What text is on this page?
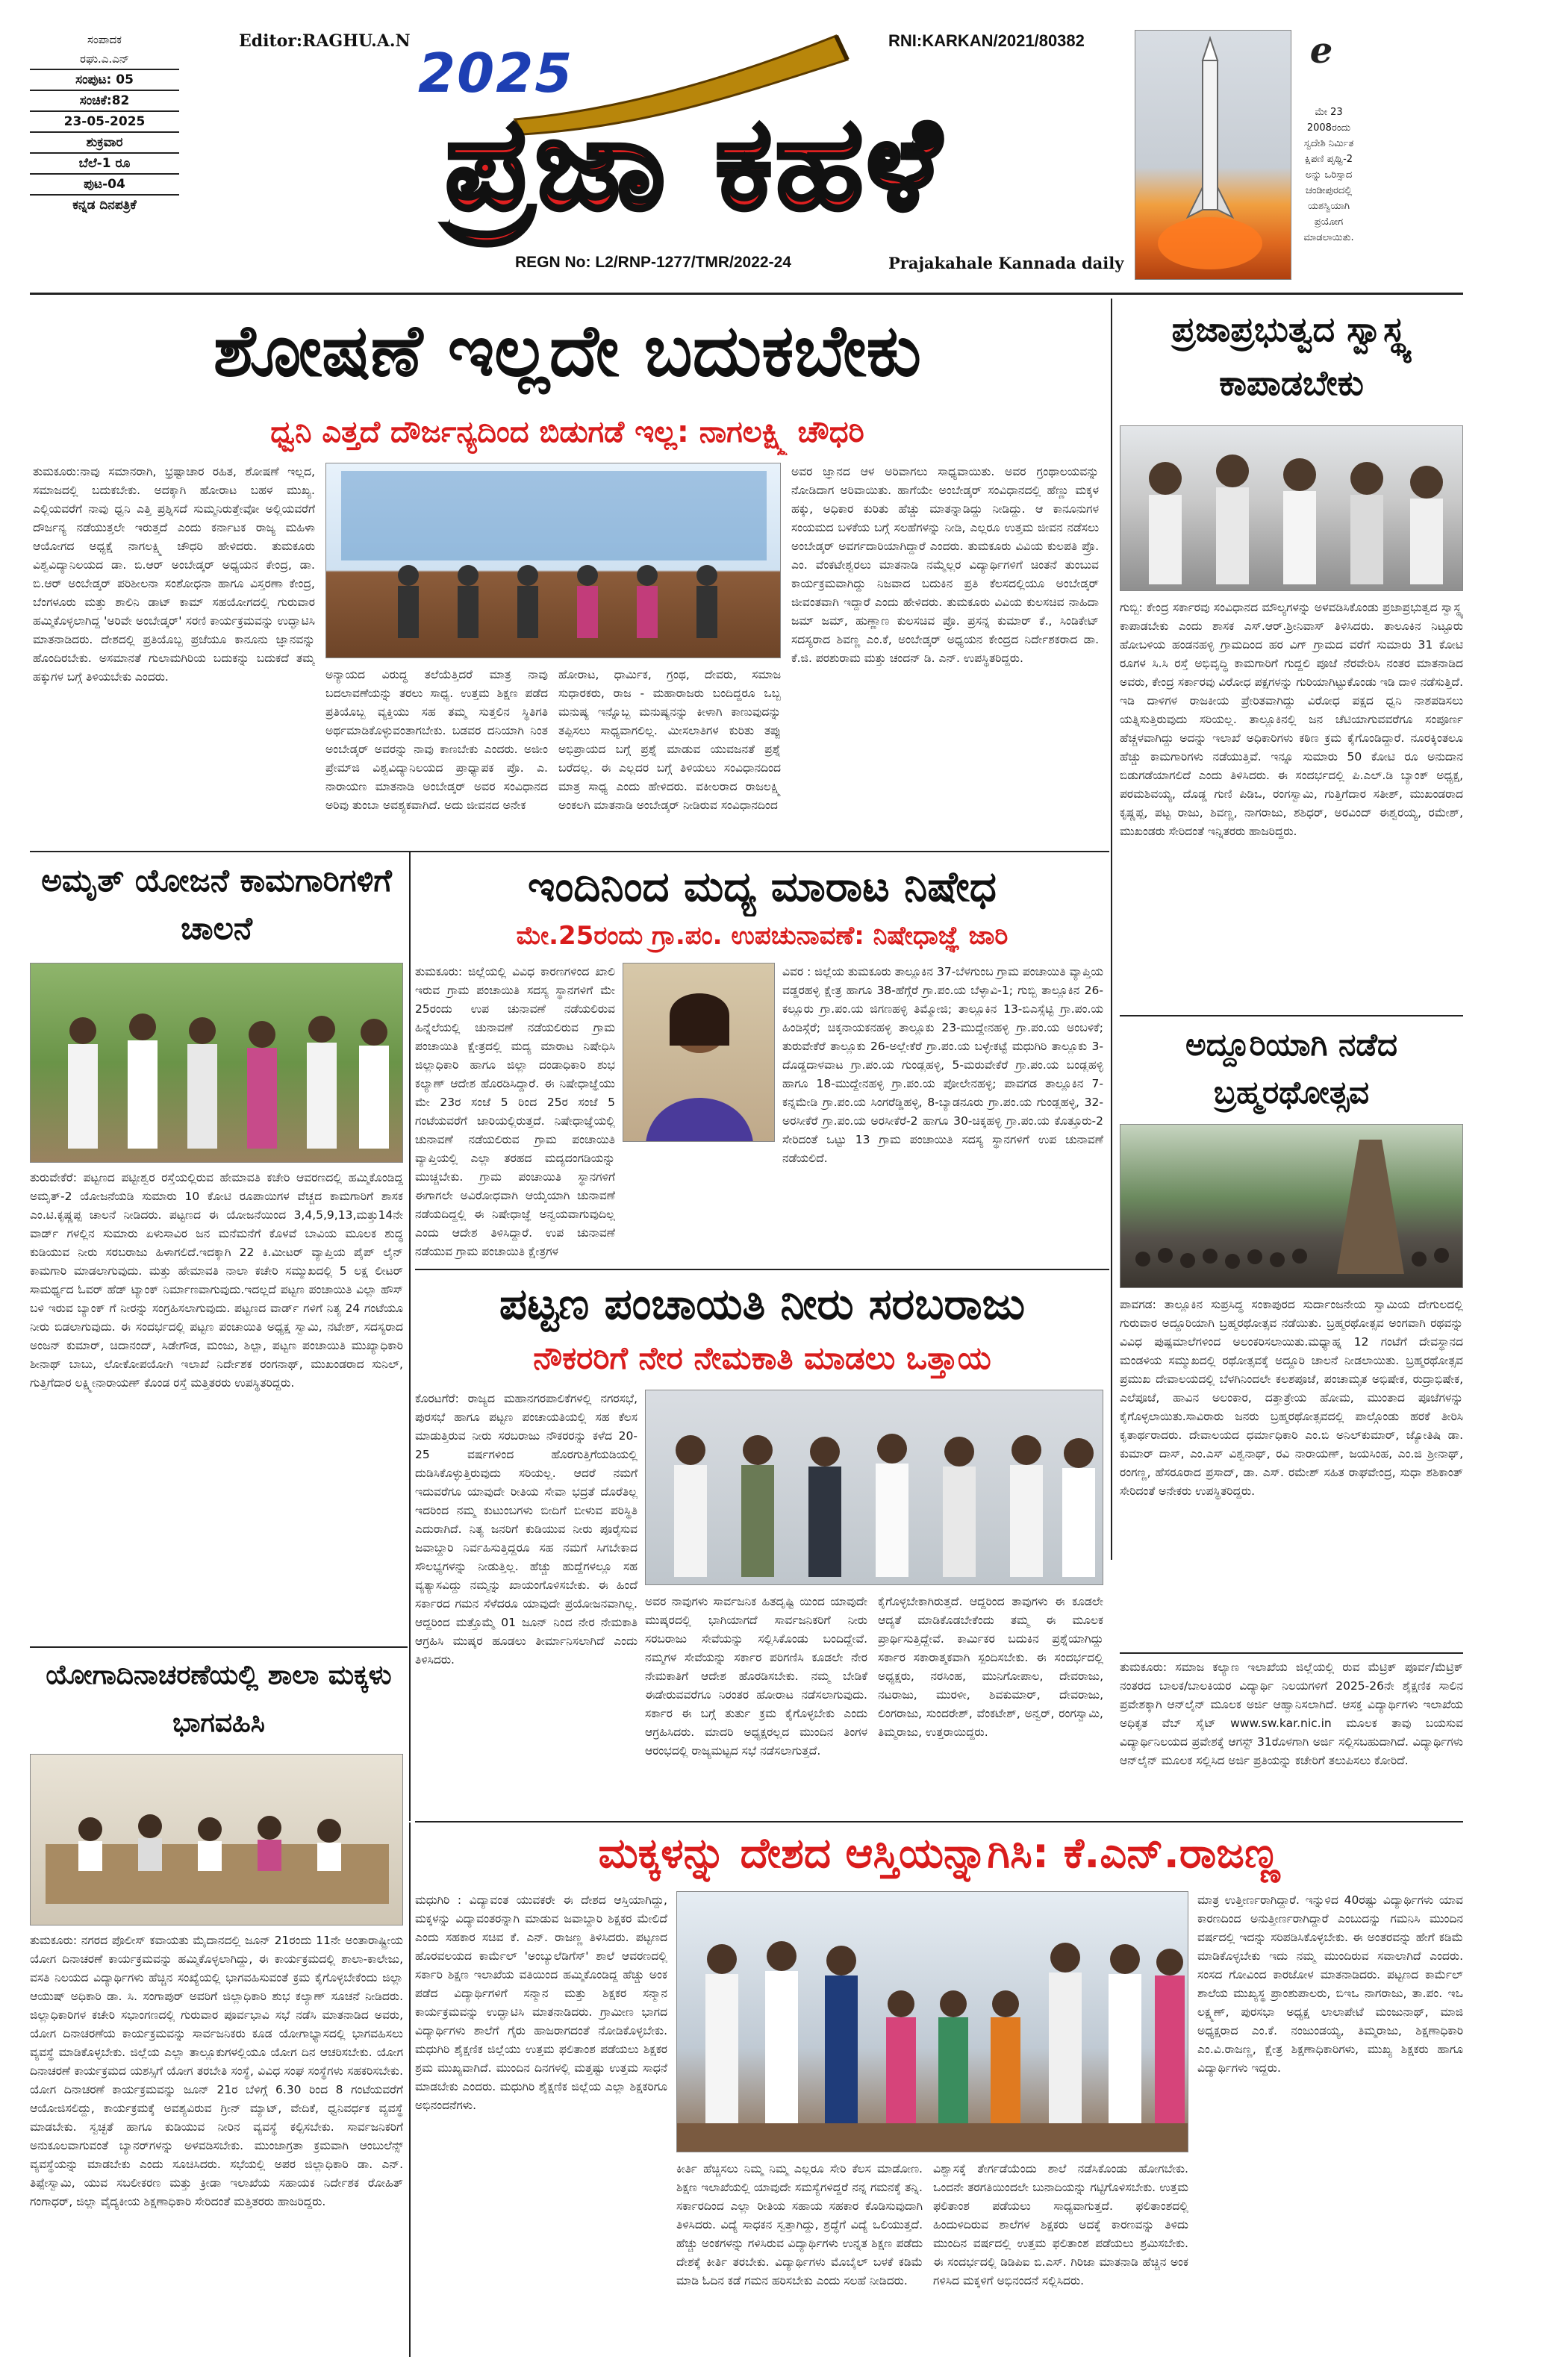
ಸಂಪಾದಕ
ರಘು.ಎ.ಎನ್
ಸಂಪುಟ: 05
ಸಂಚಿಕೆ:82
23-05-2025
ಶುಕ್ರವಾರ
ಬೆಲೆ-1 ರೂ
ಪುಟ-04
ಕನ್ನಡ ದಿನಪತ್ರಿಕೆ
Editor:RAGHU.A.N	RNI:KARKAN/2021/80382
2025
ಪ್ರಜಾ ಕಹಳೆ
REGN No: L2/RNP-1277/TMR/2022-24	Prajakahale Kannada daily
e
ಮೇ 23 2008ರಂದು ಸ್ವದೇಶಿ ನಿರ್ಮಿತ ಕ್ಷಿಪಣಿ ಪೃಥ್ವಿ-2 ಅನ್ನು ಒರಿಸ್ಸಾದ ಚಂಡೀಪುರದಲ್ಲಿ ಯಶಸ್ವಿಯಾಗಿ ಪ್ರಯೋಗ ಮಾಡಲಾಯಿತು.
ಶೋಷಣೆ ಇಲ್ಲದೇ ಬದುಕಬೇಕು
ಧ್ವನಿ ಎತ್ತದೆ ದೌರ್ಜನ್ಯದಿಂದ ಬಿಡುಗಡೆ ಇಲ್ಲ: ನಾಗಲಕ್ಷ್ಮಿ ಚೌಧರಿ
ತುಮಕೂರು:ನಾವು ಸಮಾನರಾಗಿ, ಭ್ರಷ್ಟಾಚಾರ ರಹಿತ, ಶೋಷಣೆ ಇಲ್ಲದ, ಸಮಾಜದಲ್ಲಿ ಬದುಕಬೇಕು. ಅದಕ್ಕಾಗಿ ಹೋರಾಟ ಬಹಳ ಮುಖ್ಯ. ಎಲ್ಲಿಯವರೆಗೆ ನಾವು ಧ್ವನಿ ಎತ್ತಿ ಪ್ರಶ್ನಿಸದೆ ಸುಮ್ಮನಿರುತ್ತೇವೋ ಅಲ್ಲಿಯವರೆಗೆ ದೌರ್ಜನ್ಯ ನಡೆಯುತ್ತಲೇ ಇರುತ್ತದೆ ಎಂದು ಕರ್ನಾಟಕ ರಾಜ್ಯ ಮಹಿಳಾ ಆಯೋಗದ ಅಧ್ಯಕ್ಷೆ ನಾಗಲಕ್ಷ್ಮಿ ಚೌಧರಿ ಹೇಳಿದರು. ತುಮಕೂರು ವಿಶ್ವವಿದ್ಯಾನಿಲಯದ ಡಾ. ಬಿ.ಆರ್ ಅಂಬೇಡ್ಕರ್ ಅಧ್ಯಯನ ಕೇಂದ್ರ, ಡಾ. ಬಿ.ಆರ್ ಅಂಬೇಡ್ಕರ್ ಪರಿಶೀಲನಾ ಸಂಶೋಧನಾ ಹಾಗೂ ವಿಸ್ತರಣಾ ಕೇಂದ್ರ, ಬೆಂಗಳೂರು ಮತ್ತು ಶಾಲಿನಿ ಡಾಟ್ ಕಾಮ್ ಸಹಯೋಗದಲ್ಲಿ ಗುರುವಾರ ಹಮ್ಮಿಕೊಳ್ಳಲಾಗಿದ್ದ 'ಅರಿವೇ ಅಂಬೇಡ್ಕರ್' ಸರಣಿ ಕಾರ್ಯಕ್ರಮವನ್ನು ಉದ್ಘಾಟಿಸಿ ಮಾತನಾಡಿದರು. ದೇಶದಲ್ಲಿ ಪ್ರತಿಯೊಬ್ಬ ಪ್ರಜೆಯೂ ಕಾನೂನು ಜ್ಞಾನವನ್ನು ಹೊಂದಿರಬೇಕು. ಅಸಮಾನತೆ ಗುಲಾಮಗಿರಿಯ ಬದುಕನ್ನು ಬದುಕದೆ ತಮ್ಮ ಹಕ್ಕುಗಳ ಬಗ್ಗೆ ತಿಳಿಯಬೇಕು ಎಂದರು.	ಅನ್ಯಾಯದ ವಿರುದ್ಧ ತಲೆಯೆತ್ತಿದರೆ ಮಾತ್ರ ನಾವು ಬದಲಾವಣೆಯನ್ನು ತರಲು ಸಾಧ್ಯ. ಉತ್ತಮ ಶಿಕ್ಷಣ ಪಡೆದ ಪ್ರತಿಯೊಬ್ಬ ವ್ಯಕ್ತಿಯು ಸಹ ತಮ್ಮ ಸುತ್ತಲಿನ ಸ್ಥಿತಿಗತಿ ಅರ್ಥಮಾಡಿಕೊಳ್ಳುವಂತಾಗಬೇಕು. ಬಡವರ ದನಿಯಾಗಿ ನಿಂತ ಅಂಬೇಡ್ಕರ್ ಅವರನ್ನು ನಾವು ಕಾಣಬೇಕು ಎಂದರು. ಅಜೀಂ ಪ್ರೇಮ್‌ಜಿ ವಿಶ್ವವಿದ್ಯಾನಿಲಯದ ಪ್ರಾಧ್ಯಾಪಕ ಪ್ರೊ. ಎ. ನಾರಾಯಣ ಮಾತನಾಡಿ ಅಂಬೇಡ್ಕರ್ ಅವರ ಸಂವಿಧಾನದ ಅರಿವು ತುಂಬಾ ಅವಶ್ಯಕವಾಗಿದೆ. ಅದು ಜೀವನದ ಅನೇಕ
ಹೋರಾಟ, ಧಾರ್ಮಿಕ, ಗ್ರಂಥ, ದೇವರು, ಸಮಾಜ ಸುಧಾರಕರು, ರಾಜ - ಮಹಾರಾಜರು ಬಂದಿದ್ದರೂ ಒಬ್ಬ ಮನುಷ್ಯ ಇನ್ನೊಬ್ಬ ಮನುಷ್ಯನನ್ನು ಕೀಳಾಗಿ ಕಾಣುವುದನ್ನು ತಪ್ಪಿಸಲು ಸಾಧ್ಯವಾಗಲಿಲ್ಲ. ಮೀಸಲಾತಿಗಳ ಕುರಿತು ತಪ್ಪು ಅಭಿಪ್ರಾಯದ ಬಗ್ಗೆ ಪ್ರಶ್ನೆ ಮಾಡುವ ಯುವಜನತೆ ಪ್ರಶ್ನೆ ಬರೆದಲ್ಲ. ಈ ಎಲ್ಲದರ ಬಗ್ಗೆ ತಿಳಿಯಲು ಸಂವಿಧಾನದಿಂದ ಮಾತ್ರ ಸಾಧ್ಯ ಎಂದು ಹೇಳಿದರು. ವಕೀಲರಾದ ರಾಜಲಕ್ಷ್ಮಿ ಅಂಕಲಗಿ ಮಾತನಾಡಿ ಅಂಬೇಡ್ಕರ್ ನೀಡಿರುವ ಸಂವಿಧಾನದಿಂದ
ಅವರ ಜ್ಞಾನದ ಆಳ ಅರಿವಾಗಲು ಸಾಧ್ಯವಾಯಿತು. ಅವರ ಗ್ರಂಥಾಲಯವನ್ನು ನೋಡಿದಾಗ ಅರಿವಾಯಿತು. ಹಾಗೆಯೇ ಅಂಬೇಡ್ಕರ್ ಸಂವಿಧಾನದಲ್ಲಿ ಹೆಣ್ಣು ಮಕ್ಕಳ ಹಕ್ಕು, ಅಧಿಕಾರ ಕುರಿತು ಹೆಚ್ಚು ಮಾತನ್ನಾಡಿದ್ದು ನೀಡಿದ್ದು. ಆ ಕಾನೂನುಗಳ ಸಂಯಮದ ಬಳಕೆಯ ಬಗ್ಗೆ ಸಲಹೆಗಳನ್ನು ನೀಡಿ, ಎಲ್ಲರೂ ಉತ್ತಮ ಜೀವನ ನಡೆಸಲು ಅಂಬೇಡ್ಕರ್ ಅವರ್ಗದಾರಿಯಾಗಿದ್ದಾರೆ ಎಂದರು. ತುಮಕೂರು ವಿವಿಯ ಕುಲಪತಿ ಪ್ರೊ. ಎಂ. ವೆಂಕಟೇಶ್ವರಲು ಮಾತನಾಡಿ ನಮ್ಮೆಲ್ಲರ ವಿದ್ಯಾರ್ಥಿಗಳಿಗೆ ಚಿಂತನೆ ತುಂಬುವ ಕಾರ್ಯಕ್ರಮವಾಗಿದ್ದು ನಿಜವಾದ ಬದುಕಿನ ಪ್ರತಿ ಕೆಲಸದಲ್ಲಿಯೂ ಅಂಬೇಡ್ಕರ್ ಜೀವಂತವಾಗಿ ಇದ್ದಾರೆ ಎಂದು ಹೇಳಿದರು. ತುಮಕೂರು ವಿವಿಯ ಕುಲಸಚಿವ ನಾಹಿದಾ ಜಮ್ ಜಮ್, ಹುಣ್ಣಾಣ ಕುಲಸಚಿವ ಪ್ರೊ. ಪ್ರಸನ್ನ ಕುಮಾರ್ ಕೆ., ಸಿಂಡಿಕೇಟ್ ಸದಸ್ಯರಾದ ಶಿವಣ್ಣ ಎಂ.ಕೆ, ಅಂಬೇಡ್ಕರ್ ಅಧ್ಯಯನ ಕೇಂದ್ರದ ನಿರ್ದೇಶಕರಾದ ಡಾ. ಕೆ.ಜಿ. ಪರಶುರಾಮ ಮತ್ತು ಚಂದನ್ ಡಿ. ಎನ್. ಉಪಸ್ಥಿತರಿದ್ದರು.
ಪ್ರಜಾಪ್ರಭುತ್ವದ ಸ್ವಾಸ್ಥ್ಯ ಕಾಪಾಡಬೇಕು
ಗುಬ್ಬಿ: ಕೇಂದ್ರ ಸರ್ಕಾರವು ಸಂವಿಧಾನದ ಮೌಲ್ಯಗಳನ್ನು ಅಳವಡಿಸಿಕೊಂಡು ಪ್ರಜಾಪ್ರಭುತ್ವದ ಸ್ವಾಸ್ಥ್ಯ ಕಾಪಾಡಬೇಕು ಎಂದು ಶಾಸಕ ಎಸ್.ಆರ್.ಶ್ರೀನಿವಾಸ್ ತಿಳಿಸಿದರು. ತಾಲೂಕಿನ ನಿಟ್ಟೂರು ಹೋಬಳಿಯ ಹಂಡನಹಳ್ಳಿ ಗ್ರಾಮದಿಂದ ಹರ ವಿಗ್ ಗ್ರಾಮದ ವರೆಗೆ ಸುಮಾರು 31 ಕೋಟಿ ರೂಗಳ ಸಿ.ಸಿ ರಸ್ತೆ ಅಭಿವೃದ್ಧಿ ಕಾಮಗಾರಿಗೆ ಗುದ್ದಲಿ ಪೂಜೆ ನೆರವೇರಿಸಿ ನಂತರ ಮಾತನಾಡಿದ ಅವರು, ಕೇಂದ್ರ ಸರ್ಕಾರವು ವಿರೋಧ ಪಕ್ಷಗಳನ್ನು ಗುರಿಯಾಗಿಟ್ಟುಕೊಂಡು ಇಡಿ ದಾಳಿ ನಡೆಸುತ್ತಿದೆ. ಇಡಿ ದಾಳಿಗಳ ರಾಜಕೀಯ ಪ್ರೇರಿತವಾಗಿದ್ದು ವಿರೋಧ ಪಕ್ಷದ ಧ್ವನಿ ನಾಶಪಡಿಸಲು ಯತ್ನಿಸುತ್ತಿರುವುದು ಸರಿಯಲ್ಲ. ತಾಲ್ಲೂಕಿನಲ್ಲಿ ಜನ ಚೆಟಿಯಾಗುವವರೆಗೂ ಸಂಪೂರ್ಣ ಹೆಚ್ಚಳವಾಗಿದ್ದು ಅದನ್ನು ಇಲಾಖೆ ಅಧಿಕಾರಿಗಳು ಕಠಿಣ ಕ್ರಮ ಕೈಗೊಂಡಿದ್ದಾರೆ. ನೂರಕ್ಕಿಂತಲೂ ಹೆಚ್ಚು ಕಾಮಗಾರಿಗಳು ನಡೆಯುತ್ತಿವೆ. ಇನ್ನೂ ಸುಮಾರು 50 ಕೋಟಿ ರೂ ಅನುದಾನ ಬಿಡುಗಡೆಯಾಗಲಿದೆ ಎಂದು ತಿಳಿಸಿದರು. ಈ ಸಂದರ್ಭದಲ್ಲಿ ಪಿ.ಎಲ್.ಡಿ ಬ್ಯಾಂಕ್ ಅಧ್ಯಕ್ಷ, ಪರಮಶಿವಯ್ಯ, ದೊಡ್ಡ ಗುಣಿ ಪಿಡಿಒ, ರಂಗಸ್ವಾಮಿ, ಗುತ್ತಿಗೆದಾರ ಸತೀಶ್, ಮುಖಂಡರಾದ ಕೃಷ್ಣಪ್ಪ, ಪಟ್ಟ ರಾಜು, ಶಿವಣ್ಣ, ನಾಗರಾಜು, ಶಶಿಧರ್, ಅರವಿಂದ್ ಈಶ್ವರಯ್ಯ, ರಮೇಶ್, ಮುಖಂಡರು ಸೇರಿದಂತೆ ಇನ್ನಿತರರು ಹಾಜರಿದ್ದರು.
ಅಮೃತ್ ಯೋಜನೆ ಕಾಮಗಾರಿಗಳಿಗೆ ಚಾಲನೆ
ತುರುವೇಕೆರೆ: ಪಟ್ಟಣದ ಪಟ್ಟೀಶ್ವರ ರಸ್ತೆಯಲ್ಲಿರುವ ಹೇಮಾವತಿ ಕಚೇರಿ ಆವರಣದಲ್ಲಿ ಹಮ್ಮಿಕೊಂಡಿದ್ದ ಅಮೃತ್-2 ಯೋಜನೆಯಡಿ ಸುಮಾರು 10 ಕೋಟಿ ರೂಪಾಯಿಗಳ ವೆಚ್ಚದ ಕಾಮಗಾರಿಗೆ ಶಾಸಕ ಎಂ.ಟಿ.ಕೃಷ್ಣಪ್ಪ ಚಾಲನೆ ನೀಡಿದರು. ಪಟ್ಟಣದ ಈ ಯೋಜನೆಯಿಂದ 3,4,5,9,13,ಮತ್ತು14ನೇ ವಾರ್ಡ್ ಗಳಲ್ಲಿನ ಸುಮಾರು ಏಳುಸಾವಿರ ಜನ ಮನೆಮನೆಗೆ ಕೊಳವೆ ಬಾವಿಯ ಮೂಲಕ ಶುದ್ಧ ಕುಡಿಯುವ ನೀರು ಸರಬರಾಜು ಹಿಳಾಗಲಿದೆ.ಇದಕ್ಕಾಗಿ 22 ಕಿ.ಮೀಟರ್ ವ್ಯಾಪ್ತಿಯ ಪೈಪ್ ಲೈನ್ ಕಾಮಗಾರಿ ಮಾಡಲಾಗುವುದು. ಮತ್ತು ಹೇಮಾವತಿ ನಾಲಾ ಕಚೇರಿ ಸಮ್ಮುಖದಲ್ಲಿ 5 ಲಕ್ಷ ಲೀಟರ್ ಸಾಮರ್ಥ್ಯದ ಓವರ್ ಹೆಡ್ ಟ್ಯಾಂಕ್ ನಿರ್ಮಾಣವಾಗುವುದು.ಇದಲ್ಲದೆ ಪಟ್ಟಣ ಪಂಚಾಯಿತಿ ವಿಲ್ಲಾ ಹೌಸ್ ಬಳಿ ಇರುವ ಬ್ಯಾಂಕ್ ಗೆ ನೀರನ್ನು ಸಂಗ್ರಹಿಸಲಾಗುವುದು. ಪಟ್ಟಣದ ವಾರ್ಡ್ ಗಳಿಗೆ ನಿತ್ಯ 24 ಗಂಟೆಯೂ ನೀರು ಬಿಡಲಾಗುವುದು. ಈ ಸಂದರ್ಭದಲ್ಲಿ ಪಟ್ಟಣ ಪಂಚಾಯಿತಿ ಅಧ್ಯಕ್ಷ ಸ್ವಾಮಿ, ನಟೇಶ್, ಸದಸ್ಯರಾದ ಅಂಜನ್ ಕುಮಾರ್, ಚಿದಾನಂದ್, ಸಿಡೇಗೌಡ, ಮಂಜು, ಶಿಲ್ಪಾ, ಪಟ್ಟಣ ಪಂಚಾಯಿತಿ ಮುಖ್ಯಾಧಿಕಾರಿ ಶೀನಾಥ್ ಬಾಬು, ಲೋಕೋಪಯೋಗಿ ಇಲಾಖೆ ನಿರ್ದೇಶಕ ರಂಗನಾಥ್, ಮುಖಂಡರಾದ ಸುನಿಲ್, ಗುತ್ತಿಗೆದಾರ ಲಕ್ಷ್ಮೀನಾರಾಯಣ್ ಕೊಂಡ ರಸ್ತೆ ಮತ್ತಿತರರು ಉಪಸ್ಥಿತರಿದ್ದರು.
ಇಂದಿನಿಂದ ಮದ್ಯ ಮಾರಾಟ ನಿಷೇಧ
ಮೇ.25ರಂದು ಗ್ರಾ.ಪಂ. ಉಪಚುನಾವಣೆ: ನಿಷೇಧಾಜ್ಞೆ ಜಾರಿ
ತುಮಕೂರು: ಜಿಲ್ಲೆಯಲ್ಲಿ ವಿವಿಧ ಕಾರಣಗಳಿಂದ ಖಾಲಿ ಇರುವ ಗ್ರಾಮ ಪಂಚಾಯಿತಿ ಸದಸ್ಯ ಸ್ಥಾನಗಳಿಗೆ ಮೇ 25ರಂದು ಉಪ ಚುನಾವಣೆ ನಡೆಯಲಿರುವ ಹಿನ್ನೆಲೆಯಲ್ಲಿ ಚುನಾವಣೆ ನಡೆಯಲಿರುವ ಗ್ರಾಮ ಪಂಚಾಯಿತಿ ಕ್ಷೇತ್ರದಲ್ಲಿ ಮದ್ಯ ಮಾರಾಟ ನಿಷೇಧಿಸಿ ಜಿಲ್ಲಾಧಿಕಾರಿ ಹಾಗೂ ಜಿಲ್ಲಾ ದಂಡಾಧಿಕಾರಿ ಶುಭ ಕಲ್ಯಾಣ್ ಆದೇಶ ಹೊರಡಿಸಿದ್ದಾರೆ. ಈ ನಿಷೇಧಾಜ್ಞೆಯು ಮೇ 23ರ ಸಂಜೆ 5 ರಿಂದ 25ರ ಸಂಜೆ 5 ಗಂಟೆಯವರೆಗೆ ಜಾರಿಯಲ್ಲಿರುತ್ತದೆ. ನಿಷೇಧಾಜ್ಞೆಯಲ್ಲಿ ಚುನಾವಣೆ ನಡೆಯಲಿರುವ ಗ್ರಾಮ ಪಂಚಾಯಿತಿ ವ್ಯಾಪ್ತಿಯಲ್ಲಿ ಎಲ್ಲಾ ತರಹದ ಮದ್ಯದಂಗಡಿಯನ್ನು ಮುಚ್ಚಬೇಕು. ಗ್ರಾಮ ಪಂಚಾಯಿತಿ ಸ್ಥಾನಗಳಿಗೆ ಈಗಾಗಲೇ ಅವಿರೋಧವಾಗಿ ಆಯ್ಕೆಯಾಗಿ ಚುನಾವಣೆ ನಡೆಯದಿದ್ದಲ್ಲಿ ಈ ನಿಷೇಧಾಜ್ಞೆ ಅನ್ವಯವಾಗುವುದಿಲ್ಲ ಎಂದು ಆದೇಶ ತಿಳಿಸಿದ್ದಾರೆ. ಉಪ ಚುನಾವಣೆ ನಡೆಯುವ ಗ್ರಾಮ ಪಂಚಾಯಿತಿ ಕ್ಷೇತ್ರಗಳ
ವಿವರ : ಜಿಲ್ಲೆಯ ತುಮಕೂರು ತಾಲ್ಲೂಕಿನ 37-ಬೆಳಗುಂಬ ಗ್ರಾಮ ಪಂಚಾಯಿತಿ ವ್ಯಾಪ್ತಿಯ ವಡ್ಡರಹಳ್ಳಿ ಕ್ಷೇತ್ರ ಹಾಗೂ 38-ಹೆಗ್ಗೆರೆ ಗ್ರಾ.ಪಂ.ಯ ಬೆಳ್ಳಾವಿ-1; ಗುಬ್ಬಿ ತಾಲ್ಲೂಕಿನ 26-ಕಲ್ಲೂರು ಗ್ರಾ.ಪಂ.ಯ ಜಿಗಣಹಳ್ಳಿ ತಿಮ್ಮೋಜಿ; ತಾಲ್ಲೂಕಿನ 13-ಬಿಎಸ್ಸೆಟ್ಟಿ ಗ್ರಾ.ಪಂ.ಯ ಹಿಂಡಿಸ್ಗೆರೆ; ಚಿಕ್ಕನಾಯಕನಹಳ್ಳಿ ತಾಲ್ಲೂಕು 23-ಮುದ್ದೇನಹಳ್ಳಿ ಗ್ರಾ.ಪಂ.ಯ ಅಂಬಳಿಕೆ; ತುರುವೇಕೆರೆ ತಾಲ್ಲೂಕು 26-ಅಲ್ಲೇಕೆರೆ ಗ್ರಾ.ಪಂ.ಯ ಬಳ್ಳೇಕಟ್ಟೆ ಮಧುಗಿರಿ ತಾಲ್ಲೂಕು 3-ದೊಡ್ಡದಾಳವಾಟ ಗ್ರಾ.ಪಂ.ಯ ಗುಂಡ್ಲಹಳ್ಳಿ, 5-ಮರುವೇಕೆರೆ ಗ್ರಾ.ಪಂ.ಯ ಬಂಡ್ಲಹಳ್ಳಿ ಹಾಗೂ 18-ಮುದ್ದೇನಹಳ್ಳಿ ಗ್ರಾ.ಪಂ.ಯ ಪೋಲೇನಹಳ್ಳಿ; ಪಾವಗಡ ತಾಲ್ಲೂಕಿನ 7-ಕನ್ನಮೇಡಿ ಗ್ರಾ.ಪಂ.ಯ ಸಿಂಗರೆಡ್ಡಿಹಳ್ಳಿ, 8-ಬ್ಯಾಡನೂರು ಗ್ರಾ.ಪಂ.ಯ ಗುಂಡ್ಲಹಳ್ಳಿ, 32-ಅರಸೀಕೆರೆ ಗ್ರಾ.ಪಂ.ಯ ಅರಸೀಕೆರೆ-2 ಹಾಗೂ 30-ಚಿಕ್ಕಹಳ್ಳಿ ಗ್ರಾ.ಪಂ.ಯ ಕೊತ್ತೂರು-2 ಸೇರಿದಂತೆ ಒಟ್ಟು 13 ಗ್ರಾಮ ಪಂಚಾಯಿತಿ ಸದಸ್ಯ ಸ್ಥಾನಗಳಿಗೆ ಉಪ ಚುನಾವಣೆ ನಡೆಯಲಿದೆ.
ಅದ್ದೂರಿಯಾಗಿ ನಡೆದ ಬ್ರಹ್ಮರಥೋತ್ಸವ
ಪಾವಗಡ: ತಾಲ್ಲೂಕಿನ ಸುಪ್ರಸಿದ್ಧ ಸಂಕಾಪುರದ ಸುರ್ದಾಂಜನೇಯ ಸ್ವಾಮಿಯ ದೇಗುಲದಲ್ಲಿ ಗುರುವಾರ ಅದ್ದೂರಿಯಾಗಿ ಬ್ರಹ್ಮರಥೋತ್ಸವ ನಡೆಯಿತು. ಬ್ರಹ್ಮರಥೋತ್ಸವ ಅಂಗವಾಗಿ ರಥವನ್ನು ವಿವಿಧ ಪುಷ್ಪಮಾಲೆಗಳಿಂದ ಅಲಂಕರಿಸಲಾಯಿತು.ಮಧ್ಯಾಹ್ನ 12 ಗಂಟೆಗೆ ದೇವಸ್ಥಾನದ ಮಂಡಳಿಯ ಸಮ್ಮುಖದಲ್ಲಿ ರಥೋತ್ಸವಕ್ಕೆ ಅದ್ದೂರಿ ಚಾಲನೆ ನೀಡಲಾಯಿತು. ಬ್ರಹ್ಮರಥೋತ್ಸವ ಪ್ರಮುಖ ದೇವಾಲಯದಲ್ಲಿ ಬೆಳಗಿನಿಂದಲೇ ಕಲಶಪೂಜೆ, ಪಂಚಾಮೃತ ಅಭಿಷೇಕ, ರುದ್ರಾಭಿಷೇಕ, ಎಲೆಪೂಜೆ, ಹಾವಿನ ಅಲಂಕಾರ, ದತ್ತಾತ್ರೇಯ ಹೋಮ, ಮುಂತಾದ ಪೂಜೆಗಳನ್ನು ಕೈಗೊಳ್ಳಲಾಯಿತು.ಸಾವಿರಾರು ಜನರು ಬ್ರಹ್ಮರಥೋತ್ಸವದಲ್ಲಿ ಪಾಲ್ಗೊಂಡು ಹರಕೆ ತೀರಿಸಿ ಕೃತಾರ್ಥರಾದರು. ದೇವಾಲಯದ ಧರ್ಮಾಧಿಕಾರಿ ಎಂ.ಬಿ ಅನಿಲ್‌ಕುಮಾರ್, ಜ್ಯೋತಿಷಿ ಡಾ. ಕುಮಾರ್ ದಾಸ್, ಎಂ.ಎಸ್ ವಿಶ್ವನಾಥ್, ರವಿ ನಾರಾಯಣ್, ಜಯಸಿಂಹ, ಎಂ.ಜಿ ಶ್ರೀನಾಥ್, ರಂಗಣ್ಣ, ಹೆಸರೂರಾದ ಪ್ರಸಾದ್, ಡಾ. ಎಸ್. ರಮೇಶ್ ಸಹಿತ ರಾಘವೇಂದ್ರ, ಸುಧಾ ಶಶಿಕಾಂತ್ ಸೇರಿದಂತೆ ಅನೇಕರು ಉಪಸ್ಥಿತರಿದ್ದರು.
ತುಮಕೂರು: ಸಮಾಜ ಕಲ್ಯಾಣ ಇಲಾಖೆಯ ಜಿಲ್ಲೆಯಲ್ಲಿ ರುವ ಮೆಟ್ರಿಕ್ ಪೂರ್ವ/ಮೆಟ್ರಿಕ್ ನಂತರದ ಬಾಲಕ/ಬಾಲಕಿಯರ ವಿದ್ಯಾರ್ಥಿ ನಿಲಯಗಳಿಗೆ 2025-26ನೇ ಶೈಕ್ಷಣಿಕ ಸಾಲಿನ ಪ್ರವೇಶಕ್ಕಾಗಿ ಆನ್‌ಲೈನ್ ಮೂಲಕ ಅರ್ಜಿ ಆಹ್ವಾನಿಸಲಾಗಿದೆ. ಆಸಕ್ತ ವಿದ್ಯಾರ್ಥಿಗಳು ಇಲಾಖೆಯ ಅಧಿಕೃತ ವೆಬ್ ಸೈಟ್ www.sw.kar.nic.in ಮೂಲಕ ತಾವು ಬಯಸುವ ವಿದ್ಯಾರ್ಥಿನಿಲಯದ ಪ್ರವೇಶಕ್ಕೆ ಆಗಸ್ಟ್ 31ರೊಳಗಾಗಿ ಅರ್ಜಿ ಸಲ್ಲಿಸಬಹುದಾಗಿದೆ. ವಿದ್ಯಾರ್ಥಿಗಳು ಆನ್‌ಲೈನ್ ಮೂಲಕ ಸಲ್ಲಿಸಿದ ಅರ್ಜಿ ಪ್ರತಿಯನ್ನು ಕಚೇರಿಗೆ ತಲುಪಿಸಲು ಕೋರಿದೆ.
ಪಟ್ಟಣ ಪಂಚಾಯತಿ ನೀರು ಸರಬರಾಜು
ನೌಕರರಿಗೆ ನೇರ ನೇಮಕಾತಿ ಮಾಡಲು ಒತ್ತಾಯ
ಕೊರಟಗೆರೆ: ರಾಜ್ಯದ ಮಹಾನಗರಪಾಲಿಕೆಗಳಲ್ಲಿ ನಗರಸಭೆ, ಪುರಸಭೆ ಹಾಗೂ ಪಟ್ಟಣ ಪಂಚಾಯತಿಯಲ್ಲಿ ಸಹ ಕೆಲಸ ಮಾಡುತ್ತಿರುವ ನೀರು ಸರಬರಾಜು ನೌಕರರನ್ನು ಕಳೆದ 20-25 ವರ್ಷಗಳಿಂದ ಹೊರಗುತ್ತಿಗೆಯಡಿಯಲ್ಲಿ ದುಡಿಸಿಕೊಳ್ಳುತ್ತಿರುವುದು ಸರಿಯಲ್ಲ. ಆದರೆ ನಮಗೆ ಇದುವರೆಗೂ ಯಾವುದೇ ರೀತಿಯ ಸೇವಾ ಭದ್ರತೆ ದೊರೆತಿಲ್ಲ ಇದರಿಂದ ನಮ್ಮ ಕುಟುಂಬಗಳು ಬೀದಿಗೆ ಬೀಳುವ ಪರಿಸ್ಥಿತಿ ಎದುರಾಗಿದೆ. ನಿತ್ಯ ಜನರಿಗೆ ಕುಡಿಯುವ ನೀರು ಪೂರೈಸುವ ಜವಾಬ್ದಾರಿ ನಿರ್ವಹಿಸುತ್ತಿದ್ದರೂ ಸಹ ನಮಗೆ ಸಿಗಬೇಕಾದ ಸೌಲಭ್ಯಗಳನ್ನು ನೀಡುತ್ತಿಲ್ಲ. ಹೆಚ್ಚು ಹುದ್ದೆಗಳಲ್ಲೂ ಸಹ ವ್ಯತ್ಯಾಸವಿದ್ದು ನಮ್ಮನ್ನು ಖಾಯಂಗೊಳಿಸಬೇಕು. ಈ ಹಿಂದೆ ಸರ್ಕಾರದ ಗಮನ ಸೆಳೆದರೂ ಯಾವುದೇ ಪ್ರಯೋಜನವಾಗಿಲ್ಲ. ಆದ್ದರಿಂದ ಮತ್ತೊಮ್ಮೆ 01 ಜೂನ್ ನಿಂದ ನೇರ ನೇಮಕಾತಿ ಆಗ್ರಹಿಸಿ ಮುಷ್ಕರ ಹೂಡಲು ತೀರ್ಮಾನಿಸಲಾಗಿದೆ ಎಂದು ತಿಳಿಸಿದರು.
ಅವರ ನಾವುಗಳು ಸಾರ್ವಜನಿಕ ಹಿತದೃಷ್ಟಿ ಯಿಂದ ಯಾವುದೇ ಮುಷ್ಕರದಲ್ಲಿ ಭಾಗಿಯಾಗದೆ ಸಾರ್ವಜನಿಕರಿಗೆ ನೀರು ಸರಬರಾಜು ಸೇವೆಯನ್ನು ಸಲ್ಲಿಸಿಕೊಂಡು ಬಂದಿದ್ದೇವೆ. ನಮ್ಮಗಳ ಸೇವೆಯನ್ನು ಸರ್ಕಾರ ಪರಿಗಣಿಸಿ ಕೂಡಲೇ ನೇರ ನೇಮಕಾತಿಗೆ ಆದೇಶ ಹೊರಡಿಸಬೇಕು. ನಮ್ಮ ಬೇಡಿಕೆ ಈಡೇರುವವರೆಗೂ ನಿರಂತರ ಹೋರಾಟ ನಡೆಸಲಾಗುವುದು. ಸರ್ಕಾರ ಈ ಬಗ್ಗೆ ತುರ್ತು ಕ್ರಮ ಕೈಗೊಳ್ಳಬೇಕು ಎಂದು ಆಗ್ರಹಿಸಿದರು. ಮಾದರಿ ಅಧ್ಯಕ್ಷರಲ್ಲದ ಮುಂದಿನ ತಿಂಗಳ ಆರಂಭದಲ್ಲಿ ರಾಜ್ಯಮಟ್ಟದ ಸಭೆ ನಡೆಸಲಾಗುತ್ತದೆ.
ಕೈಗೊಳ್ಳಬೇಕಾಗಿರುತ್ತದೆ. ಆದ್ದರಿಂದ ತಾವುಗಳು ಈ ಕೂಡಲೇ ಆದ್ಯತೆ ಮಾಡಿಕೊಡಬೇಕೆಂದು ತಮ್ಮ ಈ ಮೂಲಕ ಪ್ರಾರ್ಥಿಸುತ್ತಿದ್ದೇವೆ. ಕಾರ್ಮಿಕರ ಬದುಕಿನ ಪ್ರಶ್ನೆಯಾಗಿದ್ದು ಸರ್ಕಾರ ಸಕಾರಾತ್ಮಕವಾಗಿ ಸ್ಪಂದಿಸಬೇಕು. ಈ ಸಂದರ್ಭದಲ್ಲಿ ಅಧ್ಯಕ್ಷರು, ನರಸಿಂಹ, ಮುನಿಗೋಪಾಲ, ದೇವರಾಜು, ನಟರಾಜು, ಮುರಳೀ, ಶಿವಕುಮಾರ್, ದೇವರಾಜು, ಲಿಂಗರಾಜು, ಸುಂದರೇಶ್, ವೆಂಕಟೇಶ್, ಅನ್ವರ್, ರಂಗಸ್ವಾಮಿ, ತಿಮ್ಮರಾಜು, ಉತ್ತರಾಯಿದ್ದರು.
ಯೋಗಾದಿನಾಚರಣೆಯಲ್ಲಿ ಶಾಲಾ ಮಕ್ಕಳು ಭಾಗವಹಿಸಿ
ಮಕ್ಕಳನ್ನು ದೇಶದ ಆಸ್ತಿಯನ್ನಾಗಿಸಿ: ಕೆ.ಎನ್.ರಾಜಣ್ಣ
ತುಮಕೂರು: ನಗರದ ಪೊಲೀಸ್ ಕವಾಯತು ಮೈದಾನದಲ್ಲಿ ಜೂನ್ 21ರಂದು 11ನೇ ಅಂತಾರಾಷ್ಟ್ರೀಯ ಯೋಗ ದಿನಾಚರಣೆ ಕಾರ್ಯಕ್ರಮವನ್ನು ಹಮ್ಮಿಕೊಳ್ಳಲಾಗಿದ್ದು, ಈ ಕಾರ್ಯಕ್ರಮದಲ್ಲಿ ಶಾಲಾ-ಕಾಲೇಜು, ವಸತಿ ನಿಲಯದ ವಿದ್ಯಾರ್ಥಿಗಳು ಹೆಚ್ಚಿನ ಸಂಖ್ಯೆಯಲ್ಲಿ ಭಾಗವಹಿಸುವಂತೆ ಕ್ರಮ ಕೈಗೊಳ್ಳಬೇಕೆಂದು ಜಿಲ್ಲಾ ಆಯುಷ್ ಅಧಿಕಾರಿ ಡಾ. ಸಿ. ಸಂಗಾಪುರ್ ಅವರಿಗೆ ಜಿಲ್ಲಾಧಿಕಾರಿ ಶುಭ ಕಲ್ಯಾಣ್ ಸೂಚನೆ ನೀಡಿದರು. ಜಿಲ್ಲಾಧಿಕಾರಿಗಳ ಕಚೇರಿ ಸಭಾಂಗಣದಲ್ಲಿ ಗುರುವಾರ ಪೂರ್ವಭಾವಿ ಸಭೆ ನಡೆಸಿ ಮಾತನಾಡಿದ ಅವರು, ಯೋಗ ದಿನಾಚರಣೆಯ ಕಾರ್ಯಕ್ರಮವನ್ನು ಸಾರ್ವಜನಿಕರು ಕೂಡ ಯೋಗಾಭ್ಯಾಸದಲ್ಲಿ ಭಾಗವಹಿಸಲು ವ್ಯವಸ್ಥೆ ಮಾಡಿಕೊಳ್ಳಬೇಕು. ಜಿಲ್ಲೆಯ ಎಲ್ಲಾ ತಾಲ್ಲೂಕುಗಳಲ್ಲಿಯೂ ಯೋಗ ದಿನ ಆಚರಿಸಬೇಕು. ಯೋಗ ದಿನಾಚರಣೆ ಕಾರ್ಯಕ್ರಮದ ಯಶಸ್ಸಿಗೆ ಯೋಗ ತರಬೇತಿ ಸಂಸ್ಥೆ, ವಿವಿಧ ಸಂಘ ಸಂಸ್ಥೆಗಳು ಸಹಕರಿಸಬೇಕು. ಯೋಗ ದಿನಾಚರಣೆ ಕಾರ್ಯಕ್ರಮವನ್ನು ಜೂನ್ 21ರ ಬೆಳಿಗ್ಗೆ 6.30 ರಿಂದ 8 ಗಂಟೆಯವರೆಗೆ ಆಯೋಜಿಸಲಿದ್ದು, ಕಾರ್ಯಕ್ರಮಕ್ಕೆ ಅವಶ್ಯವಿರುವ ಗ್ರೀನ್ ಮ್ಯಾಟ್, ವೇದಿಕೆ, ಧ್ವನಿವರ್ಧಕ ವ್ಯವಸ್ಥೆ ಮಾಡಬೇಕು. ಸ್ವಚ್ಛತೆ ಹಾಗೂ ಕುಡಿಯುವ ನೀರಿನ ವ್ಯವಸ್ಥೆ ಕಲ್ಪಿಸಬೇಕು. ಸಾರ್ವಜನಿಕರಿಗೆ ಅನುಕೂಲವಾಗುವಂತೆ ಬ್ಯಾನರ್‌ಗಳನ್ನು ಅಳವಡಿಸಬೇಕು. ಮುಂಜಾಗ್ರತಾ ಕ್ರಮವಾಗಿ ಆಂಬುಲೆನ್ಸ್ ವ್ಯವಸ್ಥೆಯನ್ನು ಮಾಡಬೇಕು ಎಂದು ಸೂಚಿಸಿದರು. ಸಭೆಯಲ್ಲಿ ಅಪರ ಜಿಲ್ಲಾಧಿಕಾರಿ ಡಾ. ಎನ್. ತಿಪ್ಪೇಸ್ವಾಮಿ, ಯುವ ಸಬಲೀಕರಣ ಮತ್ತು ಕ್ರೀಡಾ ಇಲಾಖೆಯ ಸಹಾಯಕ ನಿರ್ದೇಶಕ ರೋಹಿತ್ ಗಂಗಾಧರ್, ಜಿಲ್ಲಾ ವೈದ್ಯಕೀಯ ಶಿಕ್ಷಣಾಧಿಕಾರಿ ಸೇರಿದಂತೆ ಮತ್ತಿತರರು ಹಾಜರಿದ್ದರು.
ಮಧುಗಿರಿ : ವಿದ್ಯಾವಂತ ಯುವಕರೇ ಈ ದೇಶದ ಆಸ್ತಿಯಾಗಿದ್ದು, ಮಕ್ಕಳನ್ನು ವಿದ್ಯಾವಂತರನ್ನಾಗಿ ಮಾಡುವ ಜವಾಬ್ದಾರಿ ಶಿಕ್ಷಕರ ಮೇಲಿದೆ ಎಂದು ಸಹಕಾರ ಸಚಿವ ಕೆ. ಎನ್. ರಾಜಣ್ಣ ತಿಳಿಸಿದರು. ಪಟ್ಟಣದ ಹೊರವಲಯದ ಕಾರ್ಮೆಲ್ 'ಅಂಬ್ಯುಲೆಡಿಗೆಸ್' ಶಾಲೆ ಆವರಣದಲ್ಲಿ ಸರ್ಕಾರಿ ಶಿಕ್ಷಣ ಇಲಾಖೆಯ ವತಿಯಿಂದ ಹಮ್ಮಿಕೊಂಡಿದ್ದ ಹೆಚ್ಚು ಅಂಕ ಪಡೆದ ವಿದ್ಯಾರ್ಥಿಗಳಿಗೆ ಸನ್ಮಾನ ಮತ್ತು ಶಿಕ್ಷಕರ ಸನ್ಮಾನ ಕಾರ್ಯಕ್ರಮವನ್ನು ಉದ್ಘಾಟಿಸಿ ಮಾತನಾಡಿದರು. ಗ್ರಾಮೀಣ ಭಾಗದ ವಿದ್ಯಾರ್ಥಿಗಳು ಶಾಲೆಗೆ ಗೈರು ಹಾಜರಾಗದಂತೆ ನೋಡಿಕೊಳ್ಳಬೇಕು. ಮಧುಗಿರಿ ಶೈಕ್ಷಣಿಕ ಜಿಲ್ಲೆಯು ಉತ್ತಮ ಫಲಿತಾಂಶ ಪಡೆಯಲು ಶಿಕ್ಷಕರ ಶ್ರಮ ಮುಖ್ಯವಾಗಿದೆ. ಮುಂದಿನ ದಿನಗಳಲ್ಲಿ ಮತ್ತಷ್ಟು ಉತ್ತಮ ಸಾಧನೆ ಮಾಡಬೇಕು ಎಂದರು. ಮಧುಗಿರಿ ಶೈಕ್ಷಣಿಕ ಜಿಲ್ಲೆಯ ಎಲ್ಲಾ ಶಿಕ್ಷಕರಿಗೂ ಅಭಿನಂದನೆಗಳು.
ಕೀರ್ತಿ ಹೆಚ್ಚಿಸಲು ನಿಮ್ಮ ನಿಮ್ಮ ಎಲ್ಲರೂ ಸೇರಿ ಕೆಲಸ ಮಾಡೋಣ. ಶಿಕ್ಷಣ ಇಲಾಖೆಯಲ್ಲಿ ಯಾವುದೇ ಸಮಸ್ಯೆಗಳಿದ್ದರೆ ನನ್ನ ಗಮನಕ್ಕೆ ತನ್ನಿ. ಸರ್ಕಾರದಿಂದ ಎಲ್ಲಾ ರೀತಿಯ ಸಹಾಯ ಸಹಕಾರ ಕೊಡಿಸುವುದಾಗಿ ತಿಳಿಸಿದರು. ವಿದ್ಯೆ ಸಾಧಕನ ಸ್ವತ್ತಾಗಿದ್ದು, ಶ್ರದ್ಧೆಗೆ ವಿದ್ಯೆ ಒಲಿಯುತ್ತದೆ. ಹೆಚ್ಚು ಅಂಕಗಳನ್ನು ಗಳಿಸಿರುವ ವಿದ್ಯಾರ್ಥಿಗಳು ಉನ್ನತ ಶಿಕ್ಷಣ ಪಡೆದು ದೇಶಕ್ಕೆ ಕೀರ್ತಿ ತರಬೇಕು. ವಿದ್ಯಾರ್ಥಿಗಳು ಮೊಬೈಲ್ ಬಳಕೆ ಕಡಿಮೆ ಮಾಡಿ ಓದಿನ ಕಡೆ ಗಮನ ಹರಿಸಬೇಕು ಎಂದು ಸಲಹೆ ನೀಡಿದರು.
ವಿಶ್ವಾಸಕ್ಕೆ ತೇರ್ಗಡೆಯೆಂದು ಶಾಲೆ ನಡೆಸಿಕೊಂಡು ಹೋಗಬೇಕು. ಒಂದನೇ ತರಗತಿಯಿಂದಲೇ ಬುನಾದಿಯನ್ನು ಗಟ್ಟಿಗೊಳಿಸಬೇಕು. ಉತ್ತಮ ಫಲಿತಾಂಶ ಪಡೆಯಲು ಸಾಧ್ಯವಾಗುತ್ತದೆ. ಫಲಿತಾಂಶದಲ್ಲಿ ಹಿಂದುಳಿದಿರುವ ಶಾಲೆಗಳ ಶಿಕ್ಷಕರು ಅದಕ್ಕೆ ಕಾರಣವನ್ನು ತಿಳಿದು ಮುಂದಿನ ವರ್ಷದಲ್ಲಿ ಉತ್ತಮ ಫಲಿತಾಂಶ ಪಡೆಯಲು ಶ್ರಮಿಸಬೇಕು. ಈ ಸಂದರ್ಭದಲ್ಲಿ ಡಿಡಿಪಿಐ ಬಿ.ಎಸ್. ಗಿರಿಜಾ ಮಾತನಾಡಿ ಹೆಚ್ಚಿನ ಅಂಕ ಗಳಿಸಿದ ಮಕ್ಕಳಿಗೆ ಅಭಿನಂದನೆ ಸಲ್ಲಿಸಿದರು.
ಮಾತ್ರ ಉತ್ತೀರ್ಣರಾಗಿದ್ದಾರೆ. ಇನ್ನುಳಿದ 40ರಷ್ಟು ವಿದ್ಯಾರ್ಥಿಗಳು ಯಾವ ಕಾರಣದಿಂದ ಅನುತ್ತೀರ್ಣರಾಗಿದ್ದಾರೆ ಎಂಬುದನ್ನು ಗಮನಿಸಿ ಮುಂದಿನ ವರ್ಷದಲ್ಲಿ ಇದನ್ನು ಸರಿಪಡಿಸಿಕೊಳ್ಳಬೇಕು. ಈ ಅಂತರವನ್ನು ಹೇಗೆ ಕಡಿಮೆ ಮಾಡಿಕೊಳ್ಳಬೇಕು ಇದು ನಮ್ಮ ಮುಂದಿರುವ ಸವಾಲಾಗಿದೆ ಎಂದರು. ಸಂಸದ ಗೋವಿಂದ ಕಾರಜೋಳ ಮಾತನಾಡಿದರು. ಪಟ್ಟಣದ ಕಾರ್ಮೆಲ್ ಶಾಲೆಯ ಮುಖ್ಯಸ್ಥ ಪ್ರಾಂಶುಪಾಲರು, ಬಿಇಒ ನಾಗರಾಜು, ತಾ.ಪಂ. ಇಒ ಲಕ್ಷ್ಮಣ್, ಪುರಸಭಾ ಅಧ್ಯಕ್ಷ ಲಾಲಾಪೇಟೆ ಮಂಜುನಾಥ್, ಮಾಜಿ ಅಧ್ಯಕ್ಷರಾದ ಎಂ.ಕೆ. ನಂಜುಂಡಯ್ಯ, ತಿಮ್ಮರಾಜು, ಶಿಕ್ಷಣಾಧಿಕಾರಿ ಎಂ.ವಿ.ರಾಜಣ್ಣ, ಕ್ಷೇತ್ರ ಶಿಕ್ಷಣಾಧಿಕಾರಿಗಳು, ಮುಖ್ಯ ಶಿಕ್ಷಕರು ಹಾಗೂ ವಿದ್ಯಾರ್ಥಿಗಳು ಇದ್ದರು.
